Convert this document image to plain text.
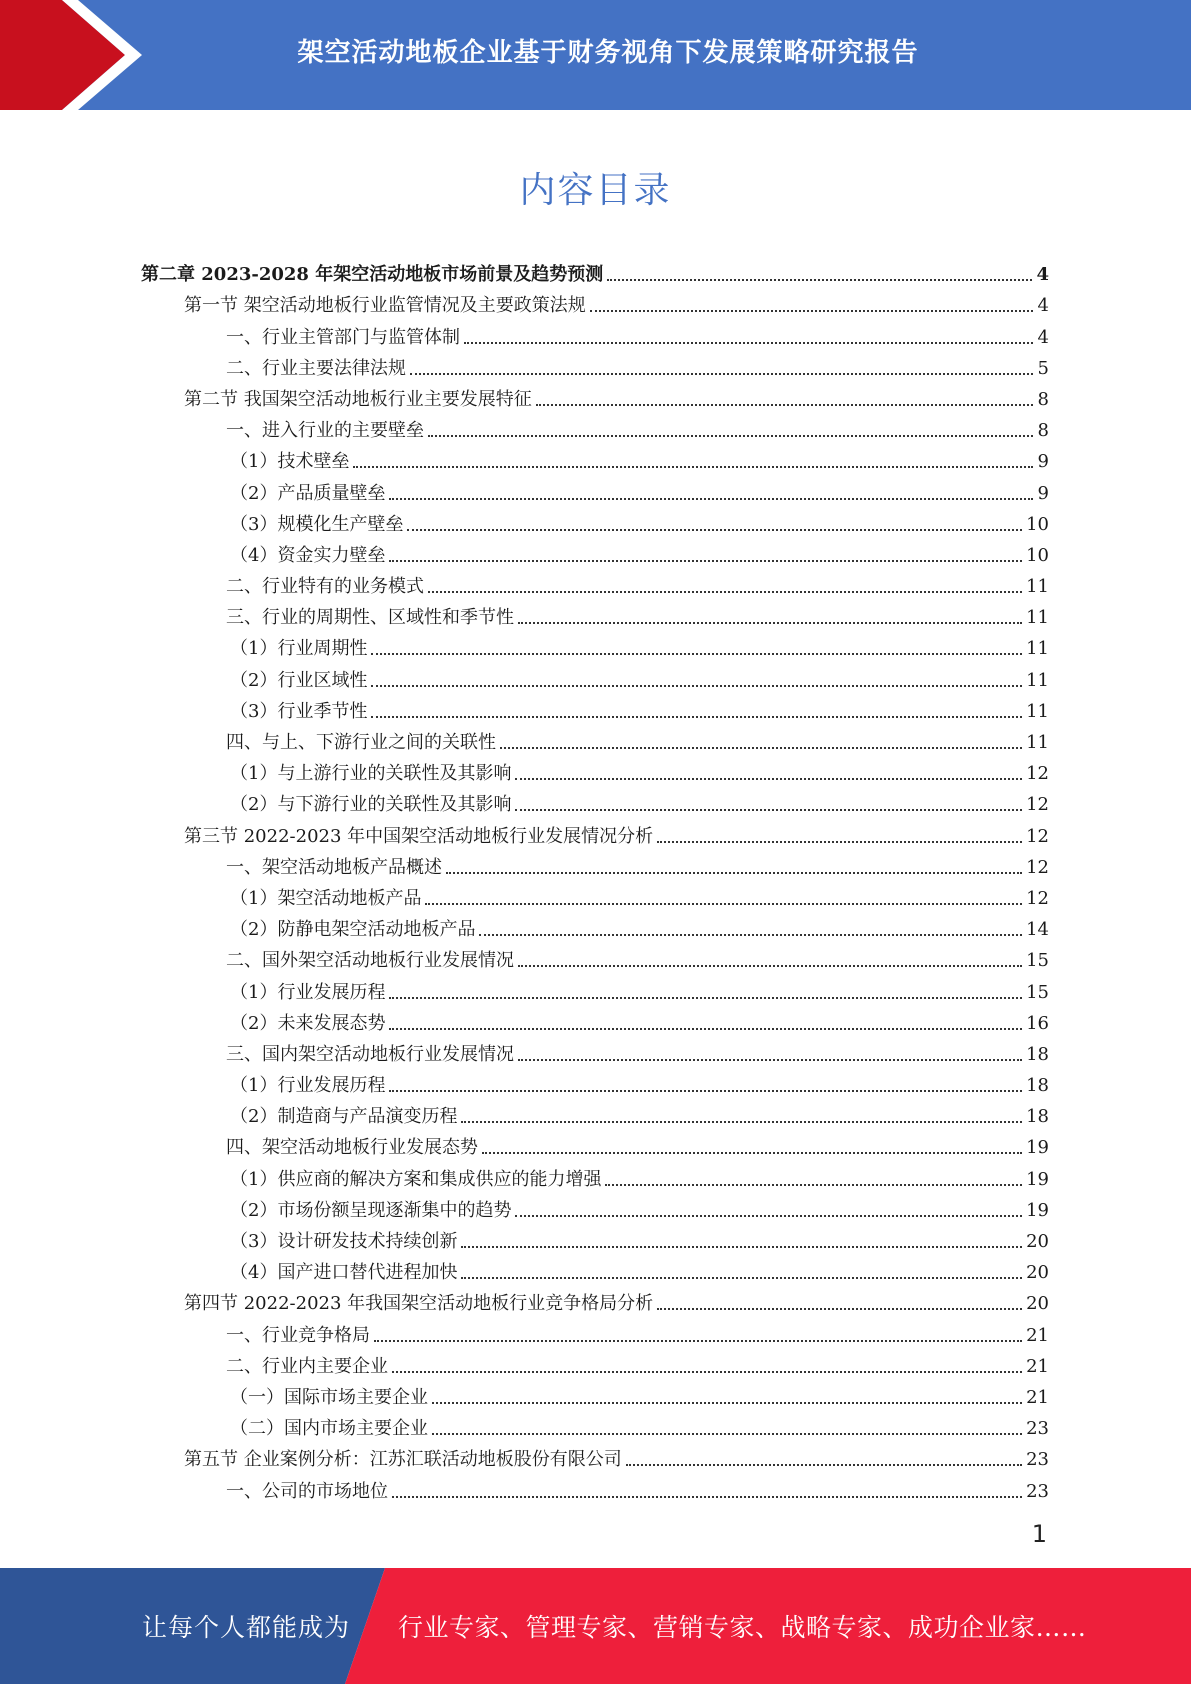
架空活动地板企业基于财务视角下发展策略研究报告
内容目录
第二章 2023-2028 年架空活动地板市场前景及趋势预测	4
第一节 架空活动地板行业监管情况及主要政策法规	4
一、行业主管部门与监管体制	4
二、行业主要法律法规	5
第二节 我国架空活动地板行业主要发展特征	8
一、进入行业的主要壁垒	8
（1）技术壁垒	9
（2）产品质量壁垒	9
（3）规模化生产壁垒	10
（4）资金实力壁垒	10
二、行业特有的业务模式	11
三、行业的周期性、区域性和季节性	11
（1）行业周期性	11
（2）行业区域性	11
（3）行业季节性	11
四、与上、下游行业之间的关联性	11
（1）与上游行业的关联性及其影响	12
（2）与下游行业的关联性及其影响	12
第三节 2022-2023 年中国架空活动地板行业发展情况分析	12
一、架空活动地板产品概述	12
（1）架空活动地板产品	12
（2）防静电架空活动地板产品	14
二、国外架空活动地板行业发展情况	15
（1）行业发展历程	15
（2）未来发展态势	16
三、国内架空活动地板行业发展情况	18
（1）行业发展历程	18
（2）制造商与产品演变历程	18
四、架空活动地板行业发展态势	19
（1）供应商的解决方案和集成供应的能力增强	19
（2）市场份额呈现逐渐集中的趋势	19
（3）设计研发技术持续创新	20
（4）国产进口替代进程加快	20
第四节 2022-2023 年我国架空活动地板行业竞争格局分析	20
一、行业竞争格局	21
二、行业内主要企业	21
（一）国际市场主要企业	21
（二）国内市场主要企业	23
第五节 企业案例分析：江苏汇联活动地板股份有限公司	23
一、公司的市场地位	23
1
让每个人都能成为 行业专家、管理专家、营销专家、战略专家、成功企业家……
